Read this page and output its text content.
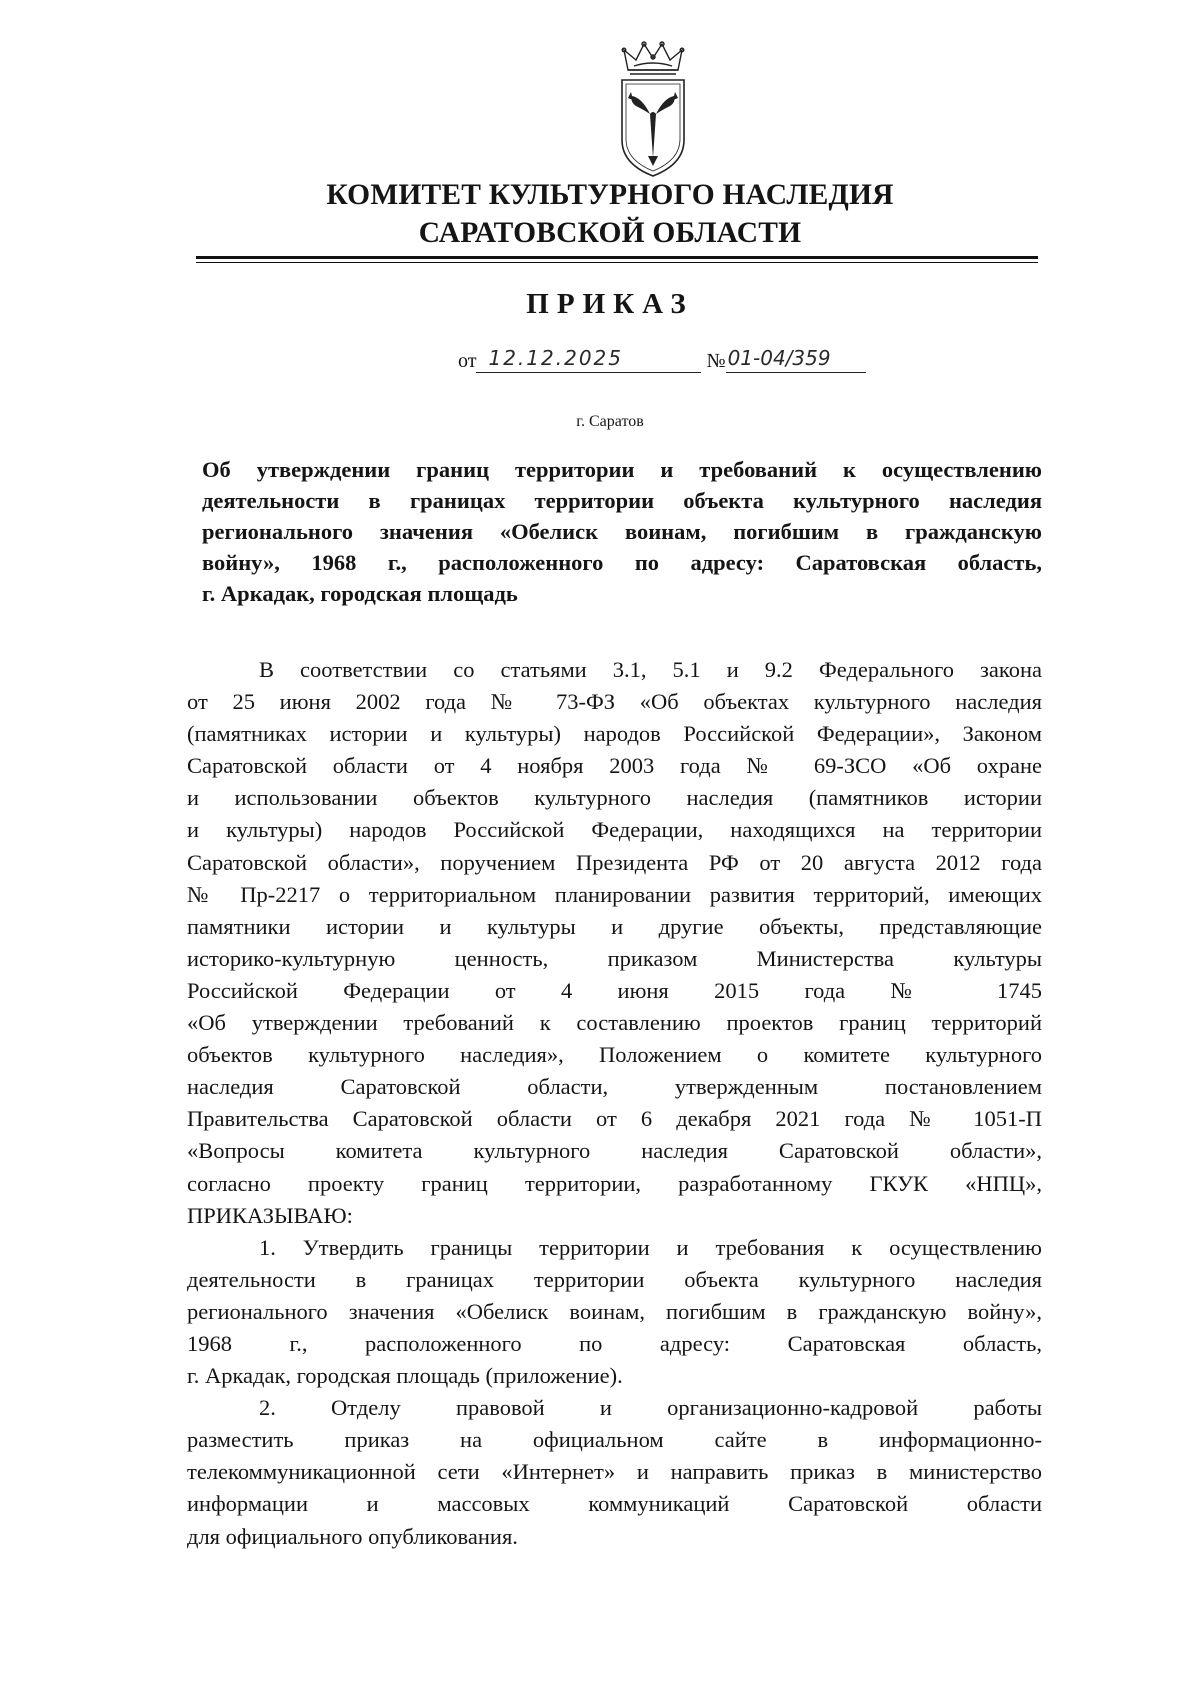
КОМИТЕТ КУЛЬТУРНОГО НАСЛЕДИЯ
САРАТОВСКОЙ ОБЛАСТИ
ПРИКАЗ
от 12.12.2025	№ 01-04/359
г. Саратов
Об утверждении границ территории и требований к осуществлению
деятельности в границах территории объекта культурного наследия
регионального значения «Обелиск воинам, погибшим в гражданскую
войну», 1968 г., расположенного по адресу: Саратовская область,
г. Аркадак, городская площадь
В соответствии со статьями 3.1, 5.1 и 9.2 Федерального закона
от 25 июня 2002 года № 73-ФЗ «Об объектах культурного наследия
(памятниках истории и культуры) народов Российской Федерации», Законом
Саратовской области от 4 ноября 2003 года № 69-ЗСО «Об охране
и использовании объектов культурного наследия (памятников истории
и культуры) народов Российской Федерации, находящихся на территории
Саратовской области», поручением Президента РФ от 20 августа 2012 года
№ Пр-2217 о территориальном планировании развития территорий, имеющих
памятники истории и культуры и другие объекты, представляющие
историко-культурную ценность, приказом Министерства культуры
Российской Федерации от 4 июня 2015 года № 1745
«Об утверждении требований к составлению проектов границ территорий
объектов культурного наследия», Положением о комитете культурного
наследия Саратовской области, утвержденным постановлением
Правительства Саратовской области от 6 декабря 2021 года № 1051-П
«Вопросы комитета культурного наследия Саратовской области»,
согласно проекту границ территории, разработанному ГКУК «НПЦ»,
ПРИКАЗЫВАЮ:
1. Утвердить границы территории и требования к осуществлению
деятельности в границах территории объекта культурного наследия
регионального значения «Обелиск воинам, погибшим в гражданскую войну»,
1968 г., расположенного по адресу: Саратовская область,
г. Аркадак, городская площадь (приложение).
2. Отделу правовой и организационно-кадровой работы
разместить приказ на официальном сайте в информационно-
телекоммуникационной сети «Интернет» и направить приказ в министерство
информации и массовых коммуникаций Саратовской области
для официального опубликования.
